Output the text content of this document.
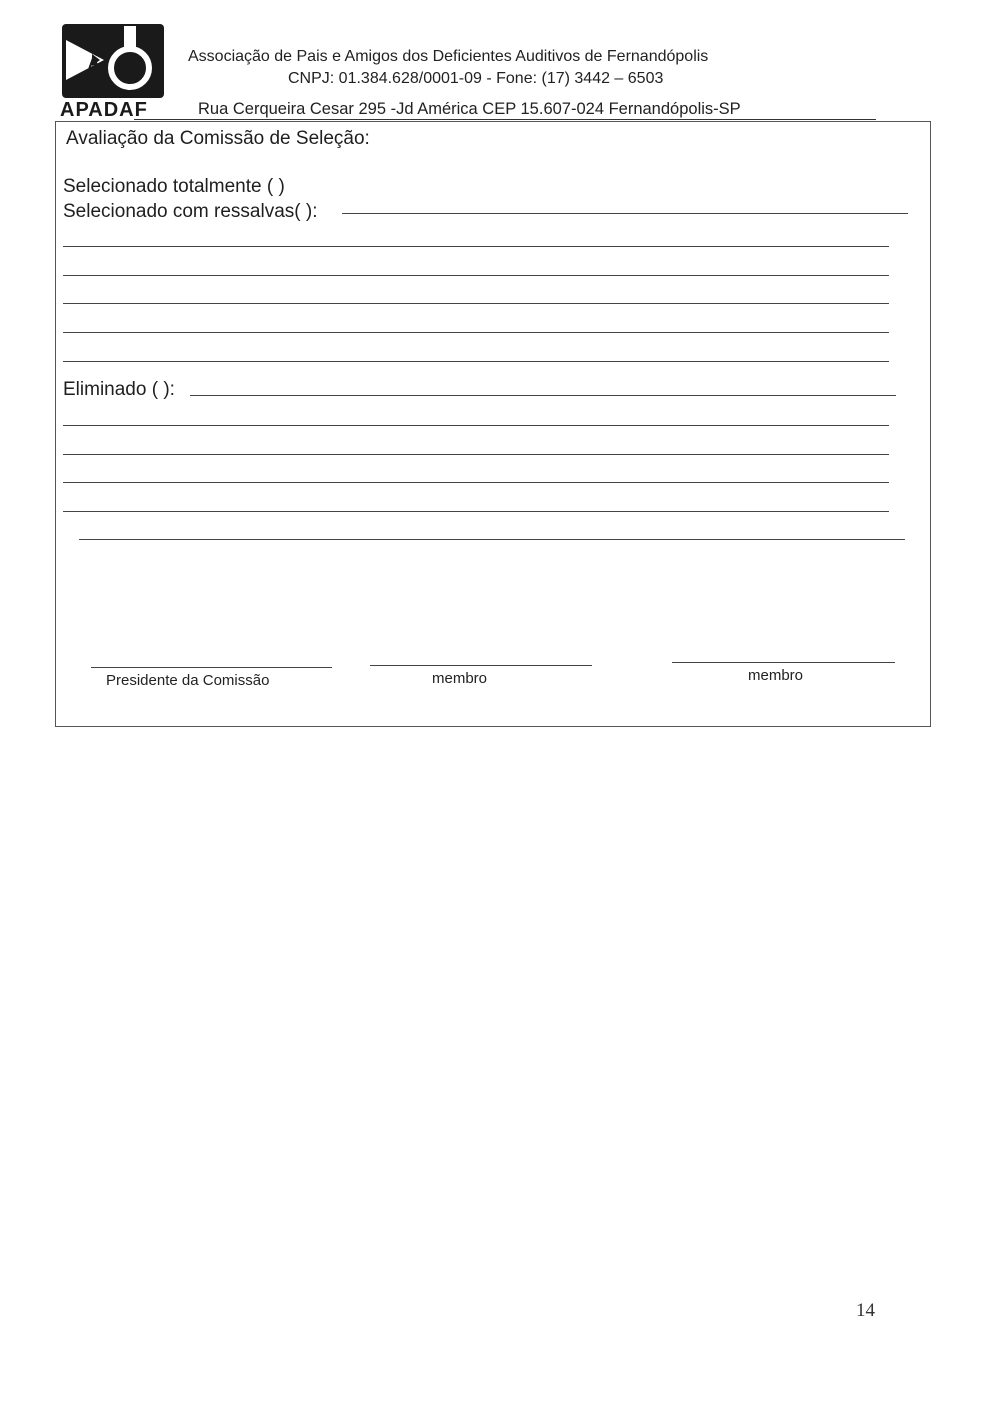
A
APADAF
Associação de Pais e Amigos dos Deficientes Auditivos de Fernandópolis
CNPJ: 01.384.628/0001-09 - Fone: (17) 3442 – 6503
Rua Cerqueira Cesar 295 -Jd América CEP 15.607-024 Fernandópolis-SP
Avaliação da Comissão de Seleção:
Selecionado totalmente ( )
Selecionado com ressalvas( ):
Eliminado ( ):
Presidente da Comissão	membro	membro
14
